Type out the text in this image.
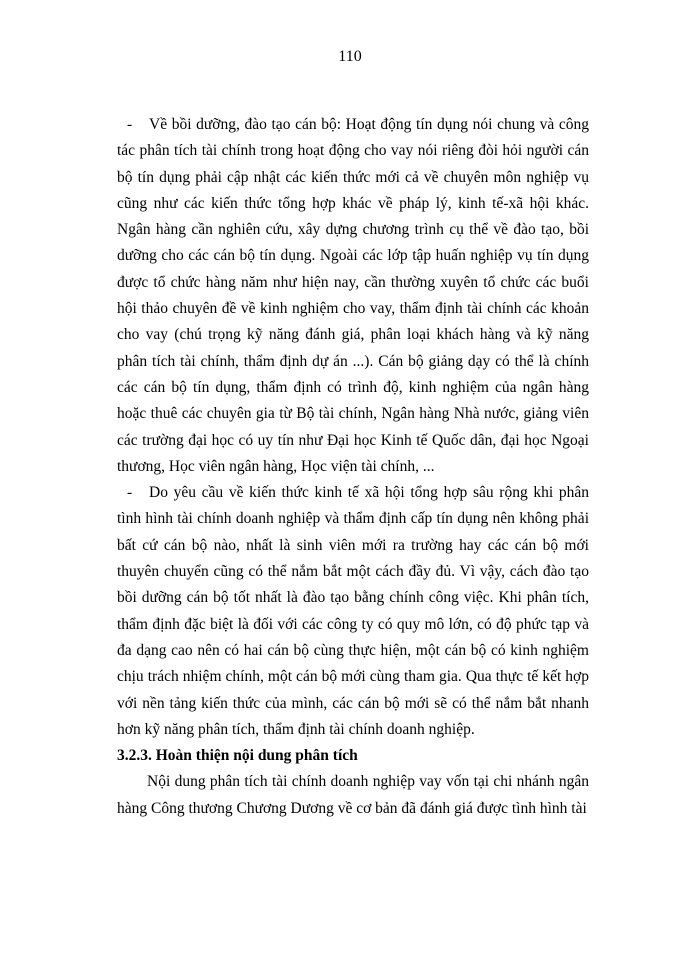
110

- Về bồi dưỡng, đào tạo cán bộ: Hoạt động tín dụng nói chung và công tác phân tích tài chính trong hoạt động cho vay nói riêng đòi hỏi người cán bộ tín dụng phải cập nhật các kiến thức mới cả về chuyên môn nghiệp vụ cũng như các kiến thức tổng hợp khác về pháp lý, kinh tế-xã hội khác. Ngân hàng cần nghiên cứu, xây dựng chương trình cụ thể về đào tạo, bồi dưỡng cho các cán bộ tín dụng. Ngoài các lớp tập huấn nghiệp vụ tín dụng được tổ chức hàng năm như hiện nay, cần thường xuyên tổ chức các buổi hội thảo chuyên đề về kinh nghiệm cho vay, thẩm định tài chính các khoản cho vay (chú trọng kỹ năng đánh giá, phân loại khách hàng và kỹ năng phân tích tài chính, thẩm định dự án ...). Cán bộ giảng dạy có thể là chính các cán bộ tín dụng, thẩm định có trình độ, kinh nghiệm của ngân hàng hoặc thuê các chuyên gia từ Bộ tài chính, Ngân hàng Nhà nước, giảng viên các trường đại học có uy tín như Đại học Kinh tế Quốc dân, đại học Ngoại thương, Học viên ngân hàng, Học viện tài chính, ...

- Do yêu cầu về kiến thức kinh tế xã hội tổng hợp sâu rộng khi phân tình hình tài chính doanh nghiệp và thẩm định cấp tín dụng nên không phải bất cứ cán bộ nào, nhất là sinh viên mới ra trường hay các cán bộ mới thuyên chuyển cũng có thể nắm bắt một cách đầy đủ. Vì vậy, cách đào tạo bồi dưỡng cán bộ tốt nhất là đào tạo bằng chính công việc. Khi phân tích, thẩm định đặc biệt là đối với các công ty có quy mô lớn, có độ phức tạp và đa dạng cao nên có hai cán bộ cùng thực hiện, một cán bộ có kinh nghiệm chịu trách nhiệm chính, một cán bộ mới cùng tham gia. Qua thực tế kết hợp với nền tảng kiến thức của mình, các cán bộ mới sẽ có thể nắm bắt nhanh hơn kỹ năng phân tích, thẩm định tài chính doanh nghiệp.

3.2.3. Hoàn thiện nội dung phân tích

Nội dung phân tích tài chính doanh nghiệp vay vốn tại chi nhánh ngân hàng Công thương Chương Dương về cơ bản đã đánh giá được tình hình tài
